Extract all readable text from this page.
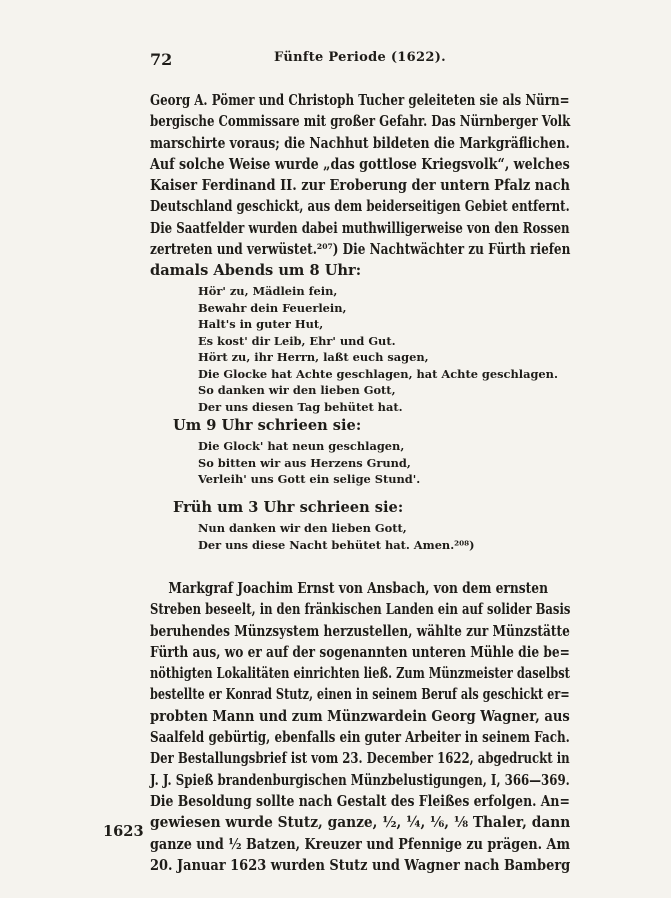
72	Fünfte Periode (1622).
Georg A. Pömer und Christoph Tucher geleiteten sie als Nürn=
bergische Commissare mit großer Gefahr. Das Nürnberger Volk
marschirte voraus; die Nachhut bildeten die Markgräflichen.
Auf solche Weise wurde „das gottlose Kriegsvolk“, welches
Kaiser Ferdinand II. zur Eroberung der untern Pfalz nach
Deutschland geschickt, aus dem beiderseitigen Gebiet entfernt.
Die Saatfelder wurden dabei muthwilligerweise von den Rossen
zertreten und verwüstet.²⁰⁷) Die Nachtwächter zu Fürth riefen
damals Abends um 8 Uhr:
Hör' zu, Mädlein fein,
Bewahr dein Feuerlein,
Halt's in guter Hut,
Es kost' dir Leib, Ehr' und Gut.
Hört zu, ihr Herrn, laßt euch sagen,
Die Glocke hat Achte geschlagen, hat Achte geschlagen.
So danken wir den lieben Gott,
Der uns diesen Tag behütet hat.

Um 9 Uhr schrieen sie:

Die Glock' hat neun geschlagen,
So bitten wir aus Herzens Grund,
Verleih' uns Gott ein selige Stund'.

Früh um 3 Uhr schrieen sie:

Nun danken wir den lieben Gott,
Der uns diese Nacht behütet hat. Amen.²⁰⁸)
Markgraf Joachim Ernst von Ansbach, von dem ernsten
Streben beseelt, in den fränkischen Landen ein auf solider Basis
beruhendes Münzsystem herzustellen, wählte zur Münzstätte
Fürth aus, wo er auf der sogenannten unteren Mühle die be=
nöthigten Lokalitäten einrichten ließ. Zum Münzmeister daselbst
bestellte er Konrad Stutz, einen in seinem Beruf als geschickt er=
probten Mann und zum Münzwardein Georg Wagner, aus
Saalfeld gebürtig, ebenfalls ein guter Arbeiter in seinem Fach.
Der Bestallungsbrief ist vom 23. December 1622, abgedruckt in
J. J. Spieß brandenburgischen Münzbelustigungen, I, 366—369.
Die Besoldung sollte nach Gestalt des Fleißes erfolgen. An=
gewiesen wurde Stutz, ganze, ½, ¼, ⅙, ⅛ Thaler, dann
ganze und ½ Batzen, Kreuzer und Pfennige zu prägen. Am
20. Januar 1623 wurden Stutz und Wagner nach Bamberg
1623
